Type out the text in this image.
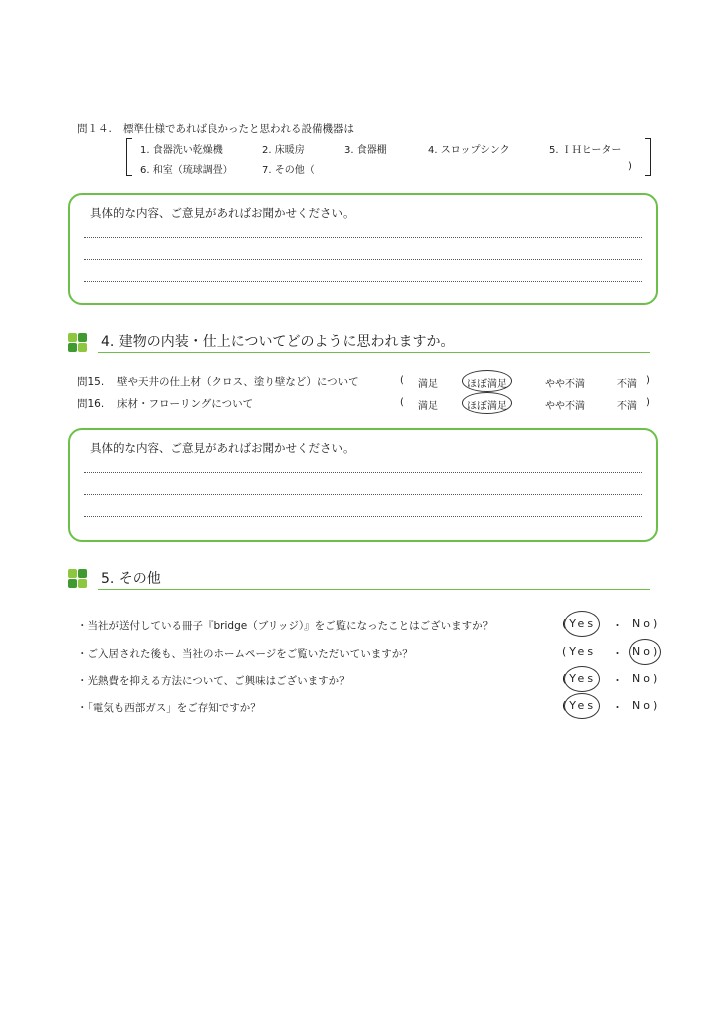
問１４. 標準仕様であれば良かったと思われる設備機器は
1. 食器洗い乾燥機	2. 床暖房	3. 食器棚	4. スロップシンク	5. ＩＨヒーター
6. 和室（琉球調畳）	7. その他（	)
具体的な内容、ご意見があればお聞かせください。
4. 建物の内装・仕上についてどのように思われますか。
問15. 壁や天井の仕上材（クロス、塗り壁など）について	( 満足	ほぼ満足	やや不満	不満 )
問16. 床材・フローリングについて	( 満足	ほぼ満足	やや不満	不満 )
具体的な内容、ご意見があればお聞かせください。
5. その他
・当社が送付している冊子『bridge（ブリッジ）』をご覧になったことはございますか？	(Yes ・ No)
・ご入居された後も、当社のホームページをご覧いただいていますか？	(Yes ・ No)
・光熱費を抑える方法について、ご興味はございますか？	(Yes ・ No)
・「電気も西部ガス」をご存知ですか？	(Yes ・ No)
